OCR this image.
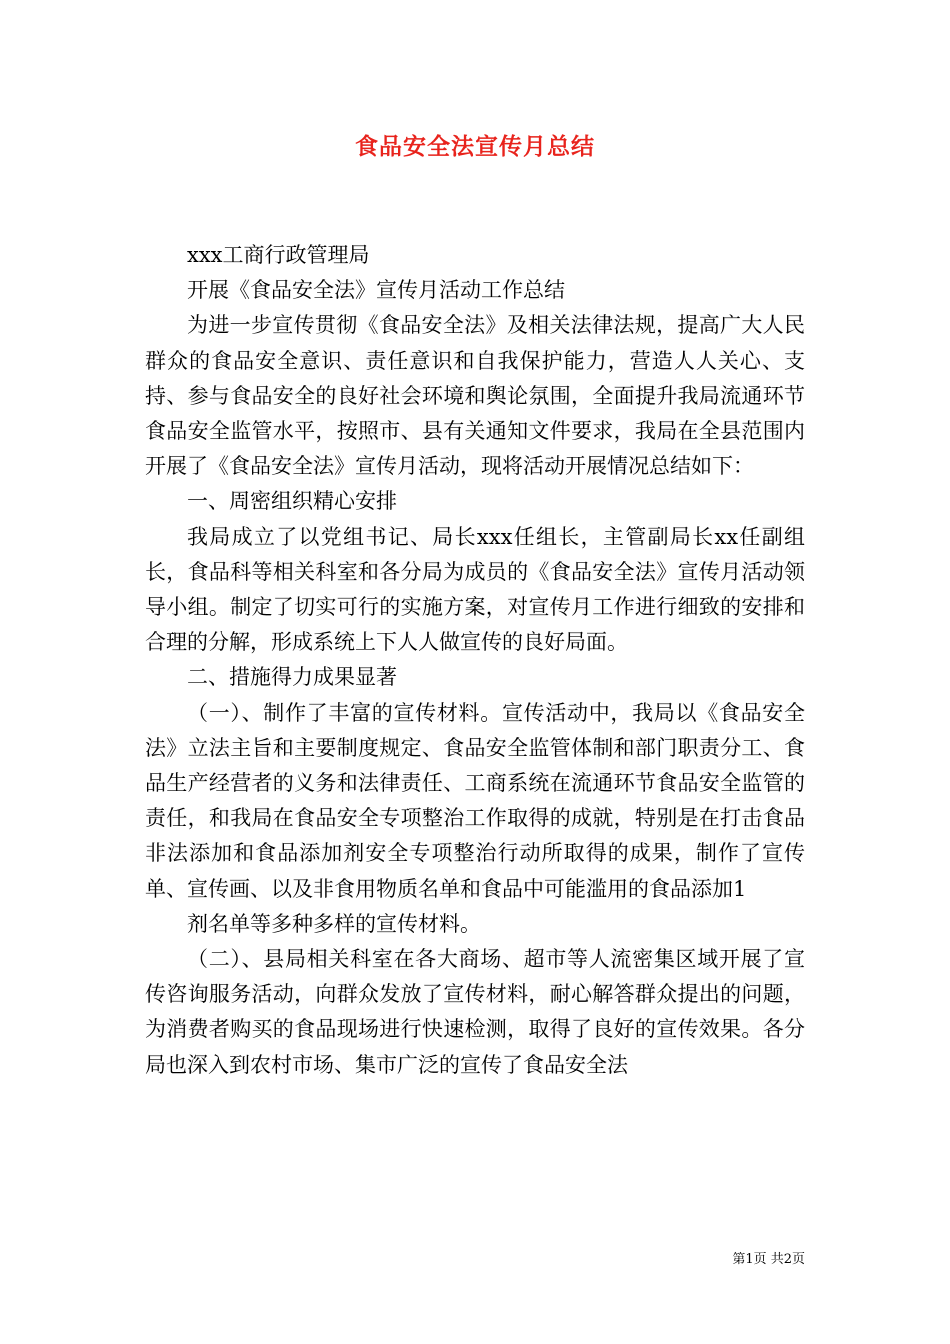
食品安全法宣传月总结

xxx工商行政管理局

开展《食品安全法》宣传月活动工作总结

为进一步宣传贯彻《食品安全法》及相关法律法规，提高广大人民群众的食品安全意识、责任意识和自我保护能力，营造人人关心、支持、参与食品安全的良好社会环境和舆论氛围，全面提升我局流通环节食品安全监管水平，按照市、县有关通知文件要求，我局在全县范围内开展了《食品安全法》宣传月活动，现将活动开展情况总结如下：

一、周密组织精心安排

我局成立了以党组书记、局长xxx任组长，主管副局长xx任副组长，食品科等相关科室和各分局为成员的《食品安全法》宣传月活动领导小组。制定了切实可行的实施方案，对宣传月工作进行细致的安排和合理的分解，形成系统上下人人做宣传的良好局面。

二、措施得力成果显著

（一）、制作了丰富的宣传材料。宣传活动中，我局以《食品安全法》立法主旨和主要制度规定、食品安全监管体制和部门职责分工、食品生产经营者的义务和法律责任、工商系统在流通环节食品安全监管的责任，和我局在食品安全专项整治工作取得的成就，特别是在打击食品非法添加和食品添加剂安全专项整治行动所取得的成果，制作了宣传单、宣传画、以及非食用物质名单和食品中可能滥用的食品添加1

剂名单等多种多样的宣传材料。

（二）、县局相关科室在各大商场、超市等人流密集区域开展了宣传咨询服务活动，向群众发放了宣传材料，耐心解答群众提出的问题，为消费者购买的食品现场进行快速检测，取得了良好的宣传效果。各分局也深入到农村市场、集市广泛的宣传了食品安全法

第1页 共2页
